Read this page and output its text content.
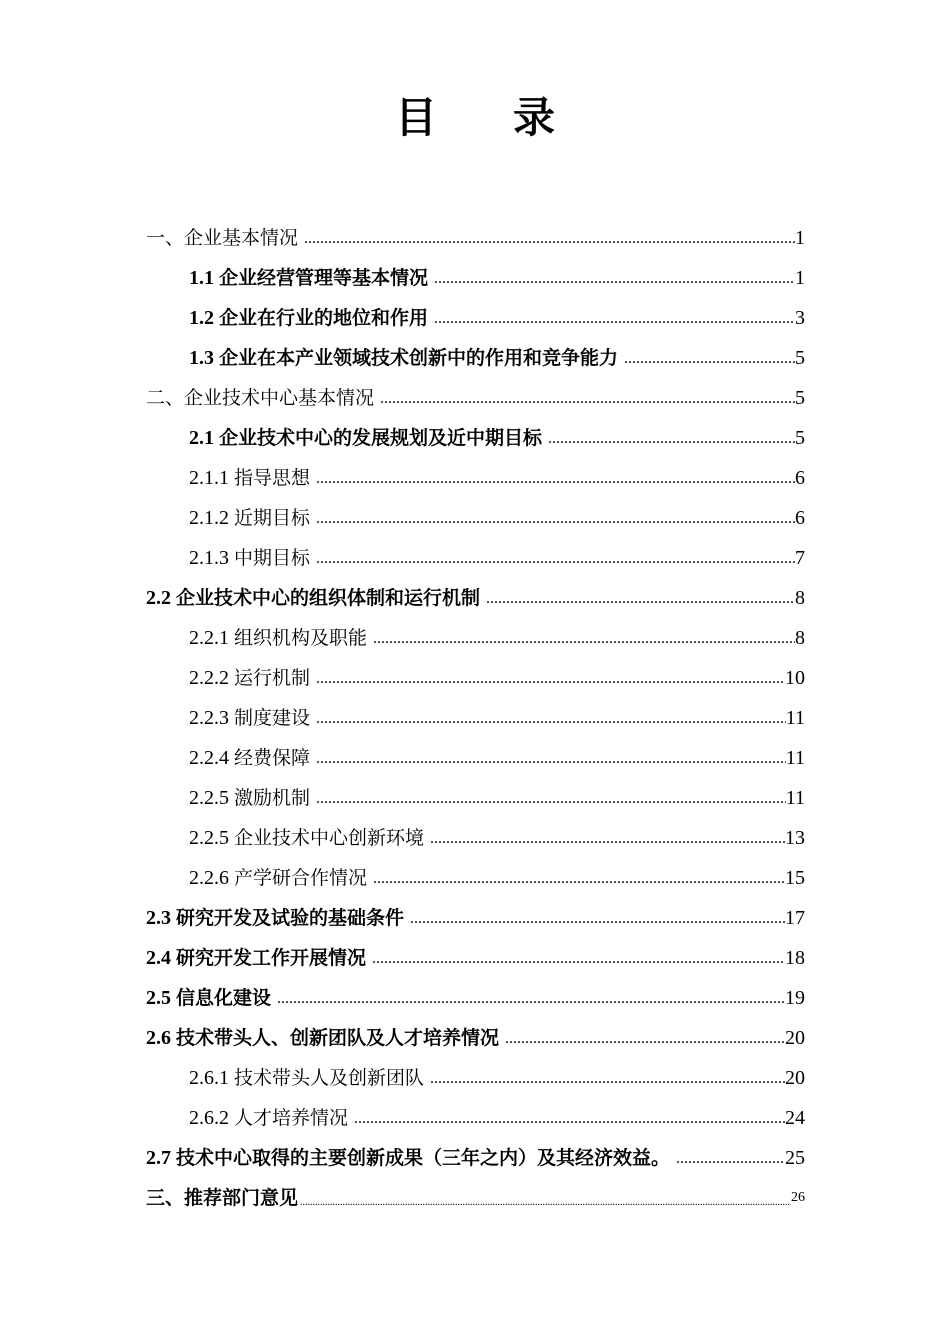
目 录
一、企业基本情况 .....	1
1.1 企业经营管理等基本情况 .....	1
1.2 企业在行业的地位和作用 .....	3
1.3 企业在本产业领域技术创新中的作用和竞争能力 .....	5
二、企业技术中心基本情况 .....	5
2.1 企业技术中心的发展规划及近中期目标 .....	5
2.1.1 指导思想 .....	6
2.1.2 近期目标 .....	6
2.1.3 中期目标 .....	7
2.2 企业技术中心的组织体制和运行机制 .....	8
2.2.1 组织机构及职能 .....	8
2.2.2 运行机制 .....	10
2.2.3 制度建设 .....	11
2.2.4 经费保障 .....	11
2.2.5 激励机制 .....	11
2.2.5 企业技术中心创新环境 .....	13
2.2.6 产学研合作情况 .....	15
2.3 研究开发及试验的基础条件 .....	17
2.4 研究开发工作开展情况 .....	18
2.5 信息化建设 .....	19
2.6 技术带头人、创新团队及人才培养情况 .....	20
2.6.1 技术带头人及创新团队 .....	20
2.6.2 人才培养情况 .....	24
2.7 技术中心取得的主要创新成果（三年之内）及其经济效益。 .....	25
三、推荐部门意见 .....	26
